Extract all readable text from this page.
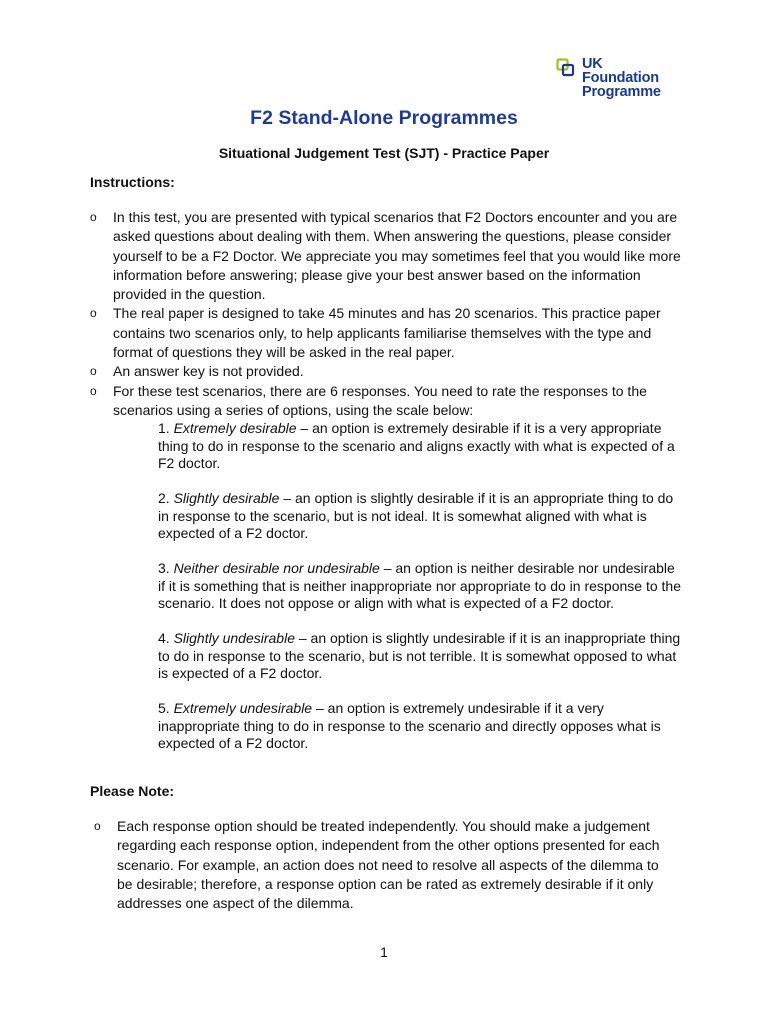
UK
Foundation
Programme
F2 Stand-Alone Programmes
Situational Judgement Test (SJT) - Practice Paper
Instructions:
o In this test, you are presented with typical scenarios that F2 Doctors encounter and you are asked questions about dealing with them. When answering the questions, please consider yourself to be a F2 Doctor. We appreciate you may sometimes feel that you would like more information before answering; please give your best answer based on the information provided in the question.
o The real paper is designed to take 45 minutes and has 20 scenarios. This practice paper contains two scenarios only, to help applicants familiarise themselves with the type and format of questions they will be asked in the real paper.
o An answer key is not provided.
o For these test scenarios, there are 6 responses. You need to rate the responses to the scenarios using a series of options, using the scale below:
1. Extremely desirable – an option is extremely desirable if it is a very appropriate thing to do in response to the scenario and aligns exactly with what is expected of a F2 doctor.
2. Slightly desirable – an option is slightly desirable if it is an appropriate thing to do in response to the scenario, but is not ideal. It is somewhat aligned with what is expected of a F2 doctor.
3. Neither desirable nor undesirable – an option is neither desirable nor undesirable if it is something that is neither inappropriate nor appropriate to do in response to the scenario. It does not oppose or align with what is expected of a F2 doctor.
4. Slightly undesirable – an option is slightly undesirable if it is an inappropriate thing to do in response to the scenario, but is not terrible. It is somewhat opposed to what is expected of a F2 doctor.
5. Extremely undesirable – an option is extremely undesirable if it a very inappropriate thing to do in response to the scenario and directly opposes what is expected of a F2 doctor.
Please Note:
o Each response option should be treated independently. You should make a judgement regarding each response option, independent from the other options presented for each scenario. For example, an action does not need to resolve all aspects of the dilemma to be desirable; therefore, a response option can be rated as extremely desirable if it only addresses one aspect of the dilemma.
1
